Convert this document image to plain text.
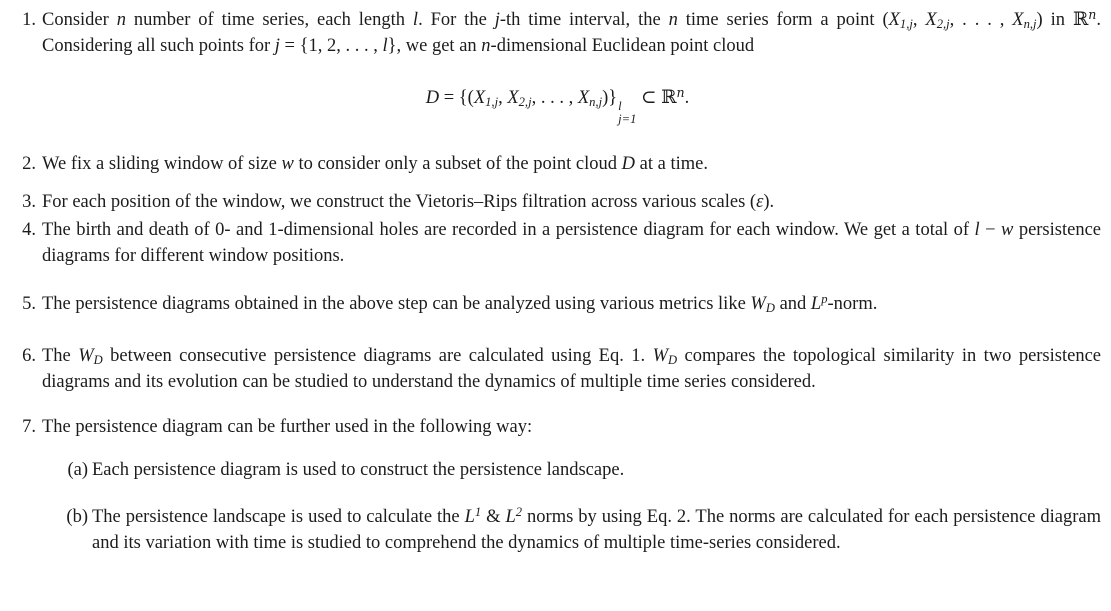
1. Consider n number of time series, each length l. For the j-th time interval, the n time series form a point ($X_{1,j}$, $X_{2,j}$, . . . , $X_{n,j}$) in ℝ$^n$. Considering all such points for j = {1, 2, . . . , l}, we get an n-dimensional Euclidean point cloud
$D = \{(X_{1,j}$, $X_{2,j}$, . . . , $X_{n,j}$)} l
j=1
⊂ ℝ$^n$.
2. We fix a sliding window of size w to consider only a subset of the point cloud D at a time.
3. For each position of the window, we construct the Vietoris–Rips filtration across various scales (ε).
4. The birth and death of 0- and 1-dimensional holes are recorded in a persistence diagram for each window. We get a total of l − w persistence diagrams for different window positions.
5. The persistence diagrams obtained in the above step can be analyzed using various metrics like $W_D$ and $L^p$-norm.
6. The $W_D$ between consecutive persistence diagrams are calculated using Eq. 1. $W_D$ compares the topological similarity in two persistence diagrams and its evolution can be studied to understand the dynamics of multiple time series considered.
7. The persistence diagram can be further used in the following way:
(a) Each persistence diagram is used to construct the persistence landscape.
(b) The persistence landscape is used to calculate the $L^1$ & $L^2$ norms by using Eq. 2. The norms are calculated for each persistence diagram and its variation with time is studied to comprehend the dynamics of multiple time-series considered.
